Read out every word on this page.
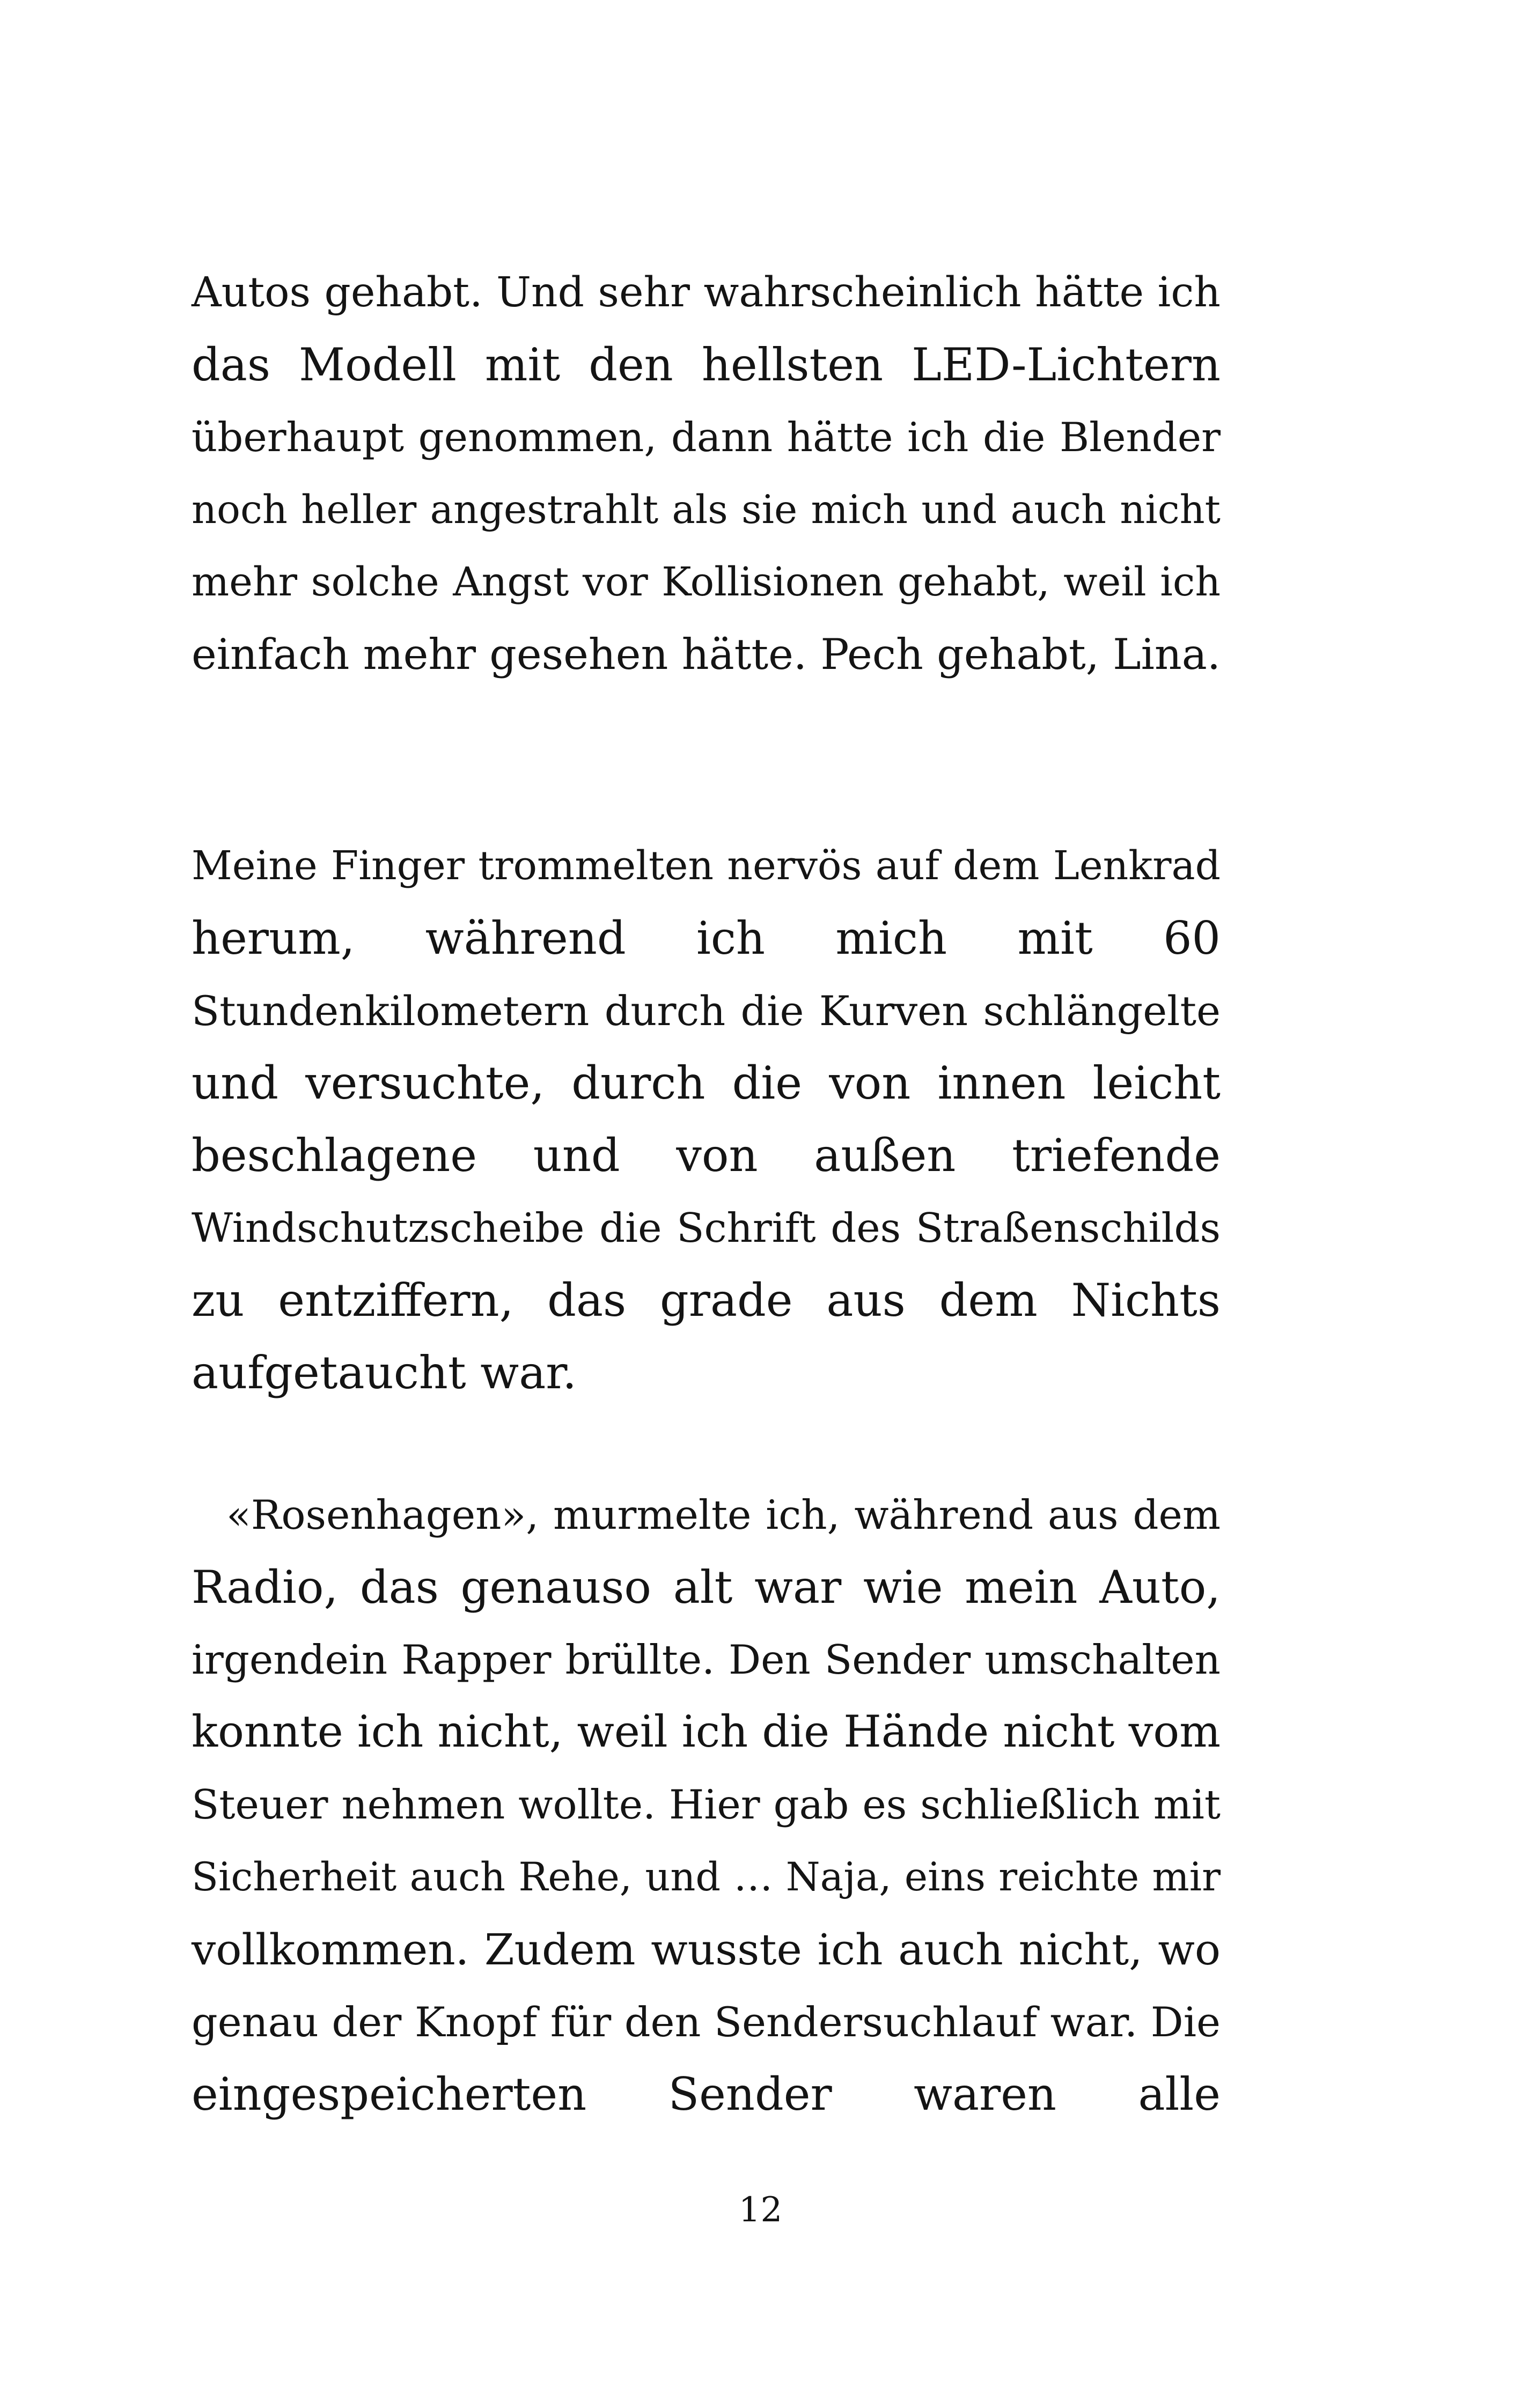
Autos gehabt. Und sehr wahrscheinlich hätte ich
das Modell mit den hellsten LED-Lichtern
überhaupt genommen, dann hätte ich die Blender
noch heller angestrahlt als sie mich und auch nicht
mehr solche Angst vor Kollisionen gehabt, weil ich
einfach mehr gesehen hätte. Pech gehabt, Lina.
Meine Finger trommelten nervös auf dem Lenkrad
herum, während ich mich mit 60
Stundenkilometern durch die Kurven schlängelte
und versuchte, durch die von innen leicht
beschlagene und von außen triefende
Windschutzscheibe die Schrift des Straßenschilds
zu entziffern, das grade aus dem Nichts
aufgetaucht war.
«Rosenhagen», murmelte ich, während aus dem
Radio, das genauso alt war wie mein Auto,
irgendein Rapper brüllte. Den Sender umschalten
konnte ich nicht, weil ich die Hände nicht vom
Steuer nehmen wollte. Hier gab es schließlich mit
Sicherheit auch Rehe, und … Naja, eins reichte mir
vollkommen. Zudem wusste ich auch nicht, wo
genau der Knopf für den Sendersuchlauf war. Die
eingespeicherten Sender waren alle
12
